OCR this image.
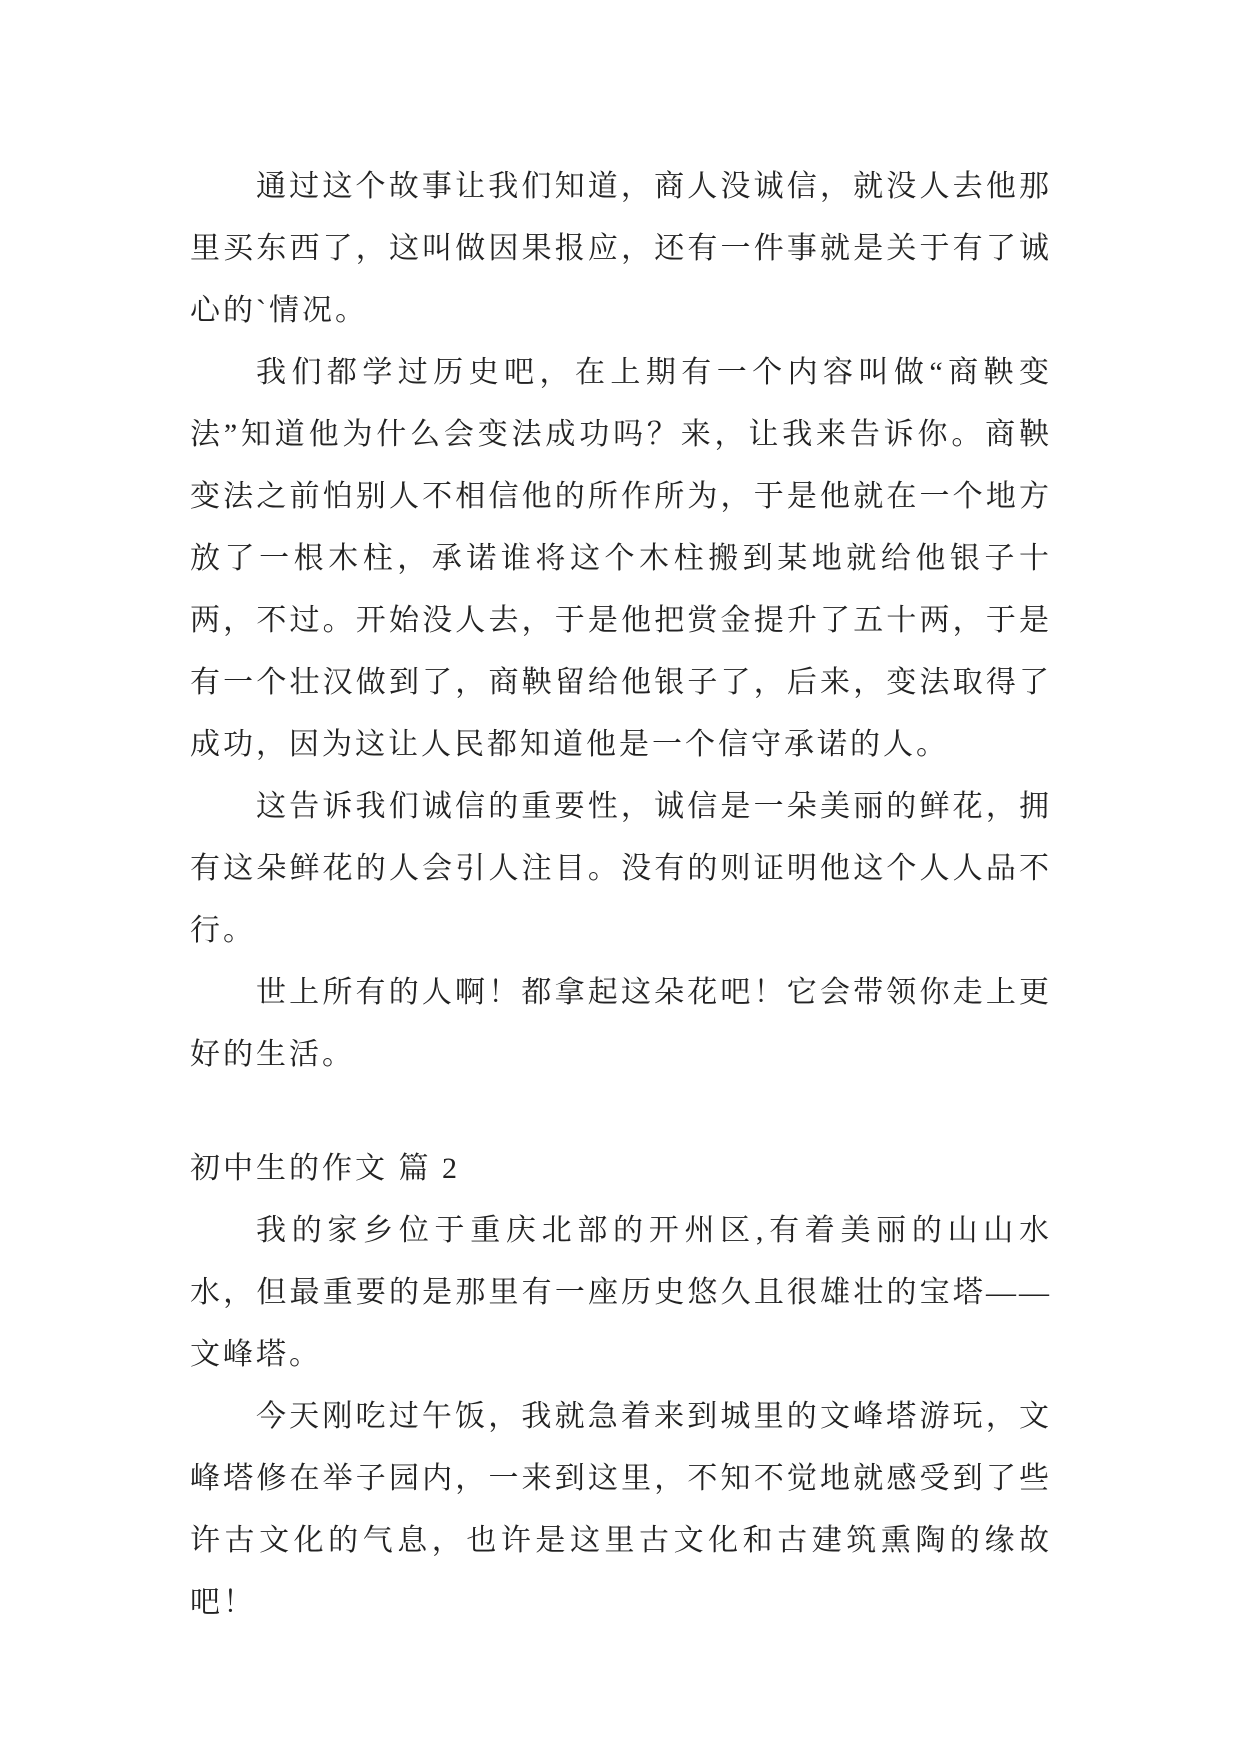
通过这个故事让我们知道，商人没诚信，就没人去他那里买东西了，这叫做因果报应，还有一件事就是关于有了诚心的`情况。

我们都学过历史吧，在上期有一个内容叫做“商鞅变法”知道他为什么会变法成功吗？来，让我来告诉你。商鞅变法之前怕别人不相信他的所作所为，于是他就在一个地方放了一根木柱，承诺谁将这个木柱搬到某地就给他银子十两，不过。开始没人去，于是他把赏金提升了五十两，于是有一个壮汉做到了，商鞅留给他银子了，后来，变法取得了成功，因为这让人民都知道他是一个信守承诺的人。

这告诉我们诚信的重要性，诚信是一朵美丽的鲜花，拥有这朵鲜花的人会引人注目。没有的则证明他这个人人品不行。

世上所有的人啊！都拿起这朵花吧！它会带领你走上更好的生活。

初中生的作文 篇 2

我的家乡位于重庆北部的开州区,有着美丽的山山水水，但最重要的是那里有一座历史悠久且很雄壮的宝塔——文峰塔。

今天刚吃过午饭，我就急着来到城里的文峰塔游玩，文峰塔修在举子园内，一来到这里，不知不觉地就感受到了些许古文化的气息，也许是这里古文化和古建筑熏陶的缘故吧！
